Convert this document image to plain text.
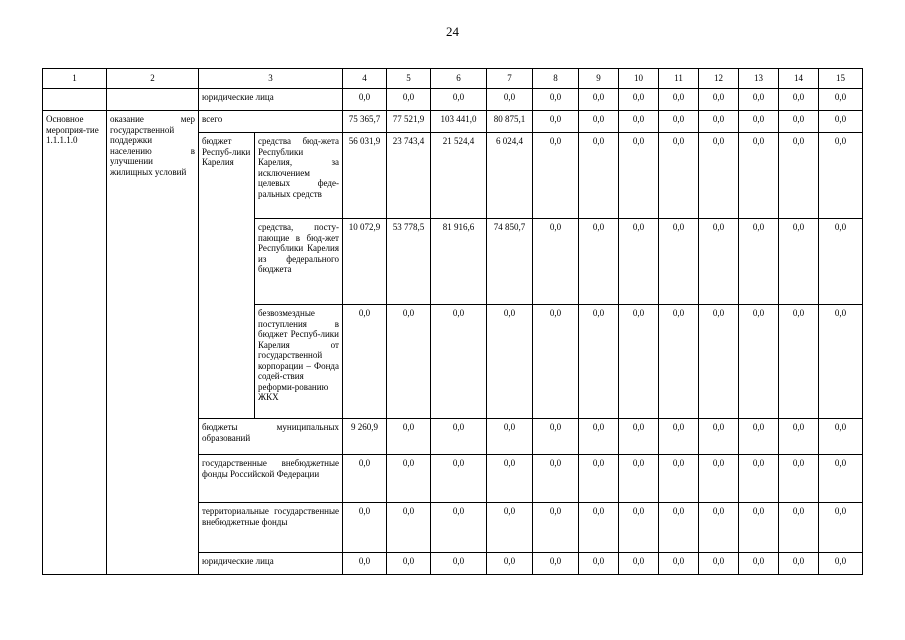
24
1	2	3		4	5	6	7	8	9	10	11	12	13	14	15
		юридические лица		0,0	0,0	0,0	0,0	0,0	0,0	0,0	0,0	0,0	0,0	0,0	0,0
Основное мероприя-тие 1.1.1.1.0	оказание мер государственной поддержки населению в улучшении жилищных условий	всего		75 365,7	77 521,9	103 441,0	80 875,1	0,0	0,0	0,0	0,0	0,0	0,0	0,0	0,0
		бюджет Респуб-лики Карелия	средства бюд-жета Республики Карелия, за исключением целевых феде-ральных средств	56 031,9	23 743,4	21 524,4	6 024,4	0,0	0,0	0,0	0,0	0,0	0,0	0,0	0,0
			средства, посту-пающие в бюд-жет Республики Карелия из федерального бюджета	10 072,9	53 778,5	81 916,6	74 850,7	0,0	0,0	0,0	0,0	0,0	0,0	0,0	0,0
			безвозмездные поступления в бюджет Респуб-лики Карелия от государственной корпорации – Фонда содей-ствия реформи-рованию ЖКХ	0,0	0,0	0,0	0,0	0,0	0,0	0,0	0,0	0,0	0,0	0,0	0,0
		бюджеты муниципальных образований		9 260,9	0,0	0,0	0,0	0,0	0,0	0,0	0,0	0,0	0,0	0,0	0,0
		государственные внебюджетные фонды Российской Федерации		0,0	0,0	0,0	0,0	0,0	0,0	0,0	0,0	0,0	0,0	0,0	0,0
		территориальные государственные внебюджетные фонды		0,0	0,0	0,0	0,0	0,0	0,0	0,0	0,0	0,0	0,0	0,0	0,0
		юридические лица		0,0	0,0	0,0	0,0	0,0	0,0	0,0	0,0	0,0	0,0	0,0	0,0
